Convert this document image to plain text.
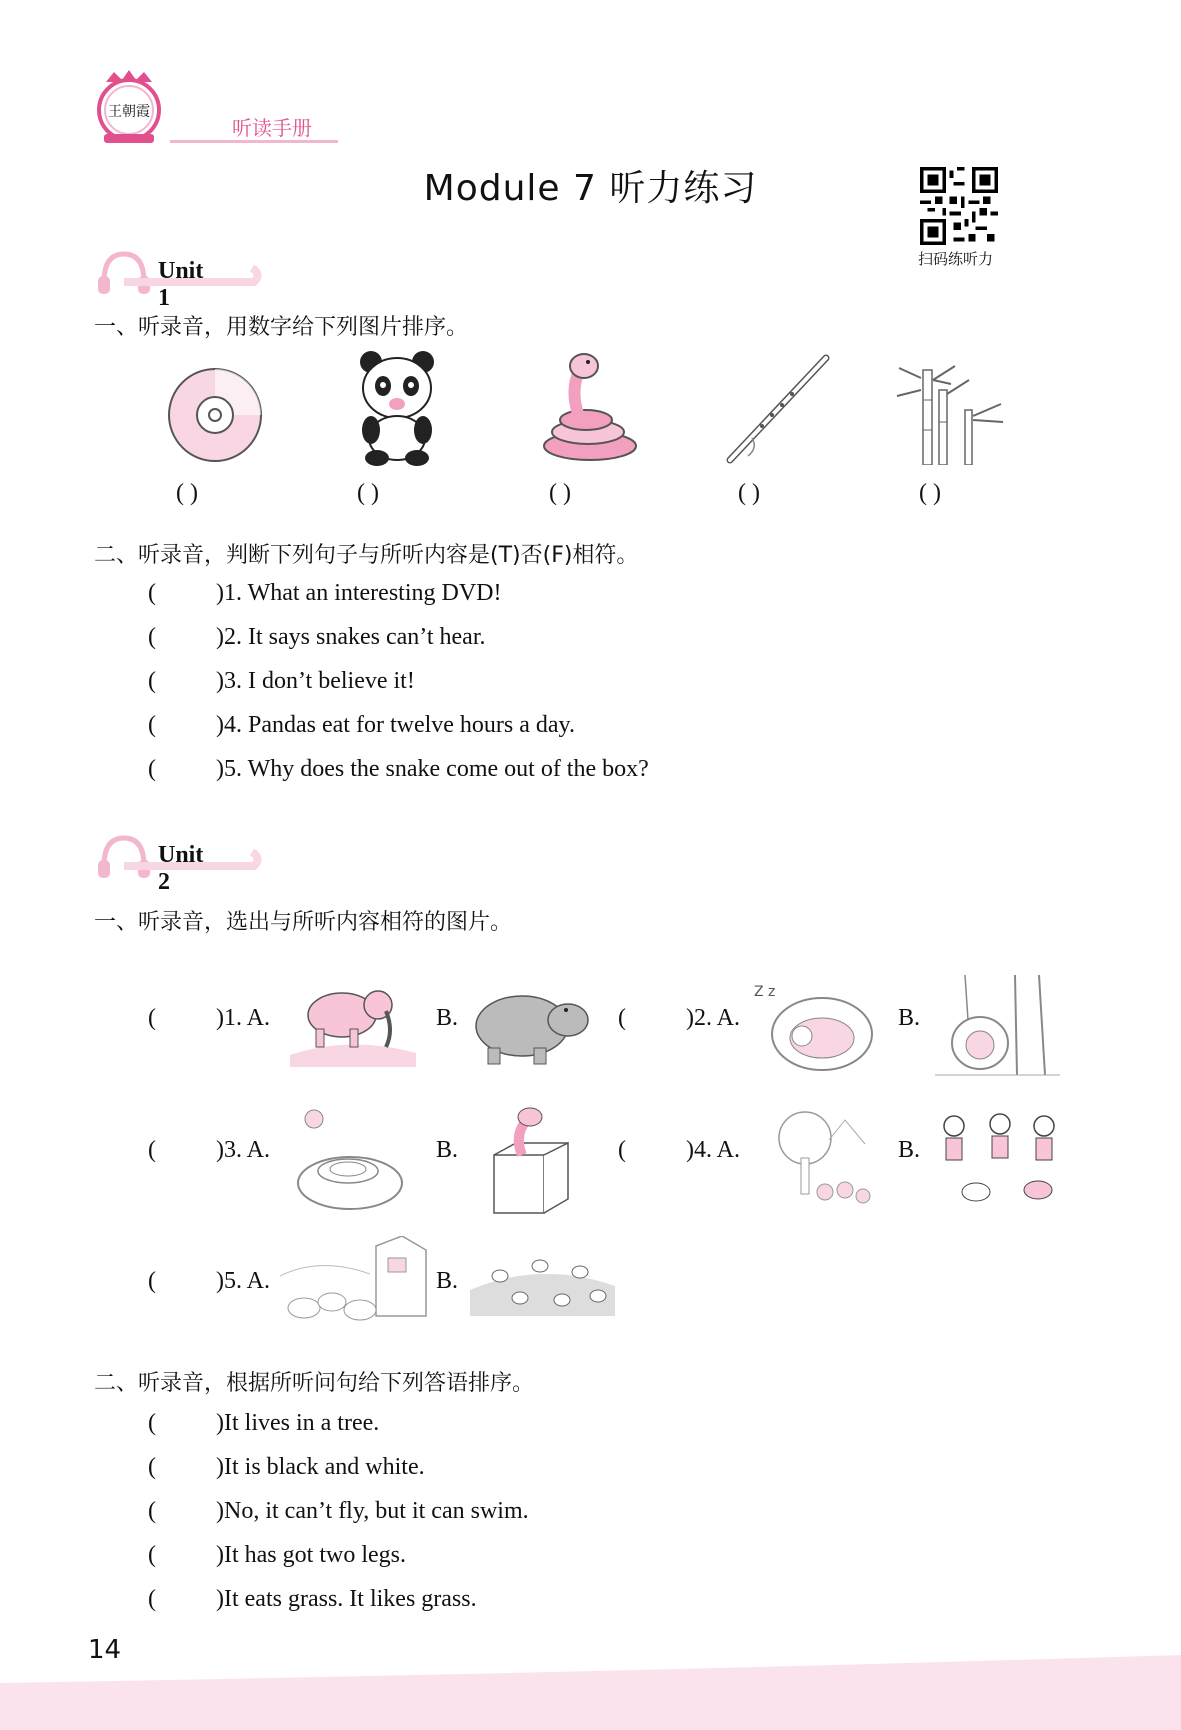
王朝霞
听读手册
Module 7 听力练习
扫码练听力
Unit 1
一、听录音，用数字给下列图片排序。
( )	( )	( )	( )	( )
二、听录音，判断下列句子与所听内容是(T)否(F)相符。
(	)1. What an interesting DVD!
(	)2. It says snakes can’t hear.
(	)3. I don’t believe it!
(	)4. Pandas eat for twelve hours a day.
(	)5. Why does the snake come out of the box?
Unit 2
一、听录音，选出与所听内容相符的图片。
(	)1. A.	B.	(	)2. A.
Z z
B.
(	)3. A.	B.	(	)4. A.	B.
(	)5. A.	B.
二、听录音，根据所听问句给下列答语排序。
(	)It lives in a tree.
(	)It is black and white.
(	)No, it can’t fly, but it can swim.
(	)It has got two legs.
(	)It eats grass. It likes grass.
14
